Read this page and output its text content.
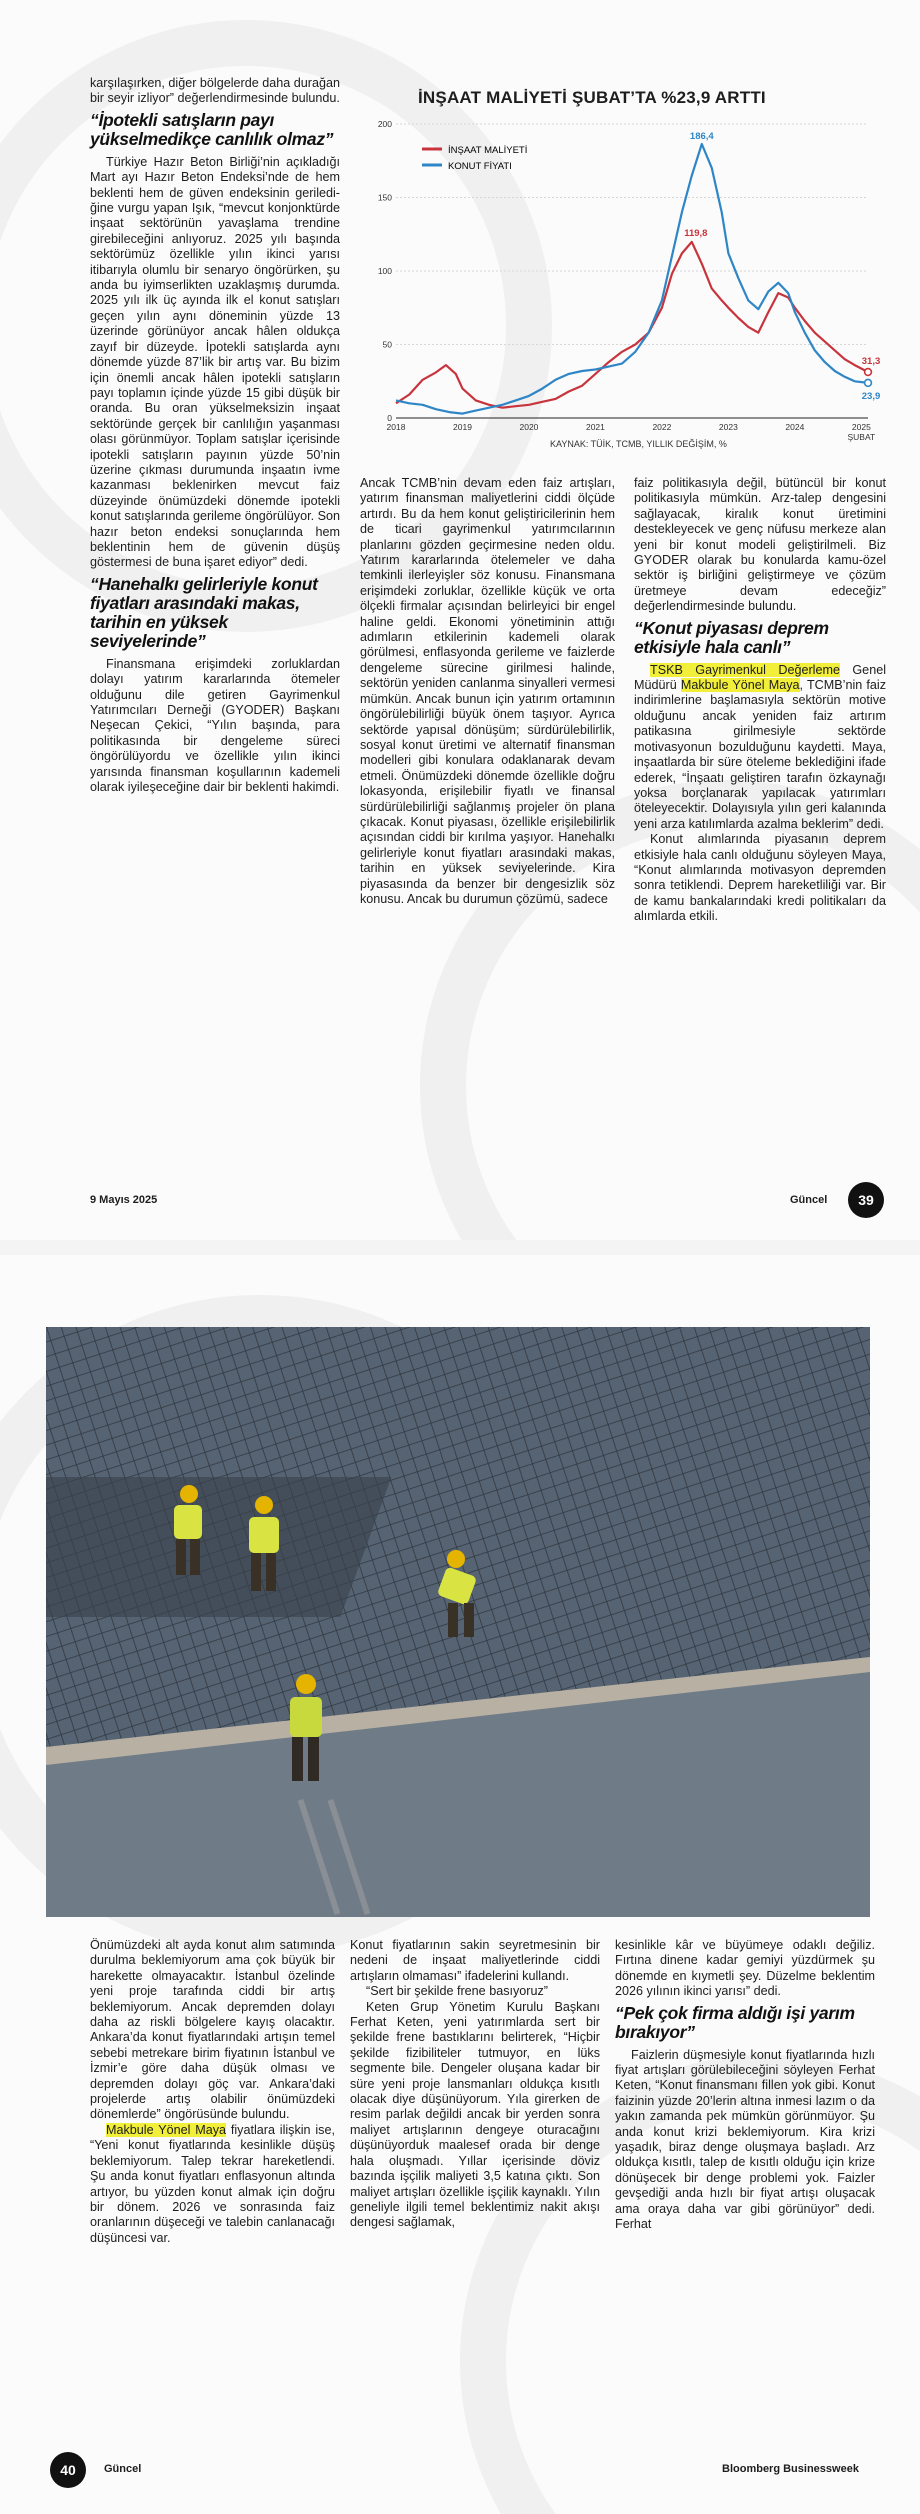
karşılaşırken, diğer bölgelerde daha durağan bir seyir izliyor” değerlendirmesinde bulundu.

“İpotekli satışların payı yükselmedikçe canlılık olmaz”

Türkiye Hazır Beton Birliği’nin açıkladığı Mart ayı Hazır Beton Endeksi’nde de hem beklenti hem de güven endeksinin geriledi-ğine vurgu yapan Işık, “mevcut konjonktürde inşaat sektörünün yavaşlama trendine girebileceğini anlıyoruz. 2025 yılı başında sektörümüz özellikle yılın ikinci yarısı itibarıyla olumlu bir senaryo öngörürken, şu anda bu iyimserlikten uzaklaşmış durumda. 2025 yılı ilk üç ayında ilk el konut satışları geçen yılın aynı döneminin yüzde 13 üzerinde görünüyor ancak hâlen oldukça zayıf bir düzeyde. İpotekli satışlarda aynı dönemde yüzde 87’lik bir artış var. Bu bizim için önemli ancak hâlen ipotekli satışların payı toplamın içinde yüzde 15 gibi düşük bir oranda. Bu oran yükselmeksizin inşaat sektöründe gerçek bir canlılığın yaşanması olası görünmüyor. Toplam satışlar içerisinde ipotekli satışların payının yüzde 50’nin üzerine çıkması durumunda inşaatın ivme kazanması beklenirken mevcut faiz düzeyinde önümüzdeki dönemde ipotekli konut satışlarında gerileme öngörülüyor. Son hazır beton endeksi sonuçlarında hem beklentinin hem de güvenin düşüş göstermesi de buna işaret ediyor” dedi.

“Hanehalkı gelirleriyle konut fiyatları arasındaki makas, tarihin en yüksek seviyelerinde”

Finansmana erişimdeki zorluklardan dolayı yatırım kararlarında ötemeler olduğunu dile getiren Gayrimenkul Yatırımcıları Derneği (GYODER) Başkanı Neşecan Çekici, “Yılın başında, para politikasında bir dengeleme süreci öngörülüyordu ve özellikle yılın ikinci yarısında finansman koşullarının kademeli olarak iyileşeceğine dair bir beklenti hakimdi.

İNŞAAT MALİYETİ ŞUBAT’TA %23,9 ARTTI
0
50
100
150
200
2018	2019	2020	2021	2022	2023	2024	2025
ŞUBAT
186,4
119,8
31,3
23,9
İNŞAAT MALİYETİ
KONUT FİYATI
KAYNAK: TÜİK, TCMB, YILLIK DEĞİŞİM, %

Ancak TCMB’nin devam eden faiz artışları, yatırım finansman maliyetlerini ciddi ölçüde artırdı. Bu da hem konut geliştiricilerinin hem de ticari gayrimenkul yatırımcılarının planlarını gözden geçirmesine neden oldu. Yatırım kararlarında ötelemeler ve daha temkinli ilerleyişler söz konusu. Finansmana erişimdeki zorluklar, özellikle küçük ve orta ölçekli firmalar açısından belirleyici bir engel haline geldi. Ekonomi yönetiminin attığı adımların etkilerinin kademeli olarak görülmesi, enflasyonda gerileme ve faizlerde dengeleme sürecine girilmesi halinde, sektörün yeniden canlanma sinyalleri vermesi mümkün. Ancak bunun için yatırım ortamının öngörülebilirliği büyük önem taşıyor. Ayrıca sektörde yapısal dönüşüm; sürdürülebilirlik, sosyal konut üretimi ve alternatif finansman modelleri gibi konulara odaklanarak devam etmeli. Önümüzdeki dönemde özellikle doğru lokasyonda, erişilebilir fiyatlı ve finansal sürdürülebilirliği sağlanmış projeler ön plana çıkacak. Konut piyasası, özellikle erişilebilirlik açısından ciddi bir kırılma yaşıyor. Hanehalkı gelirleriyle konut fiyatları arasındaki makas, tarihin en yüksek seviyelerinde. Kira piyasasında da benzer bir dengesizlik söz konusu. Ancak bu durumun çözümü, sadece

faiz politikasıyla değil, bütüncül bir konut politikasıyla mümkün. Arz-talep dengesini sağlayacak, kiralık konut üretimini destekleyecek ve genç nüfusu merkeze alan yeni bir konut modeli geliştirilmeli. Biz GYODER olarak bu konularda kamu-özel sektör iş birliğini geliştirmeye ve çözüm üretmeye devam edeceğiz” değerlendirmesinde bulundu.

“Konut piyasası deprem etkisiyle hala canlı”

TSKB Gayrimenkul Değerleme Genel Müdürü Makbule Yönel Maya, TCMB’nin faiz indirimlerine başlamasıyla sektörün motive olduğunu ancak yeniden faiz artırım patikasına girilmesiyle sektörde motivasyonun bozulduğunu kaydetti. Maya, inşaatlarda bir süre öteleme beklediğini ifade ederek, “İnşaatı geliştiren tarafın özkaynağı yoksa borçlanarak yapılacak yatırımları öteleyecektir. Dolayısıyla yılın geri kalanında yeni arza katılımlarda azalma beklerim” dedi.

Konut alımlarında piyasanın deprem etkisiyle hala canlı olduğunu söyleyen Maya, “Konut alımlarında motivasyon depremden sonra tetiklendi. Deprem hareketliliği var. Bir de kamu bankalarındaki kredi politikaları da alımlarda etkili.

9 Mayıs 2025	Güncel	39

Önümüzdeki alt ayda konut alım satımında durulma beklemiyorum ama çok büyük bir harekette olmayacaktır. İstanbul özelinde yeni proje tarafında ciddi bir artış beklemiyorum. Ancak depremden dolayı daha az riskli bölgelere kayış olacaktır. Ankara’da konut fiyatlarındaki artışın temel sebebi metrekare birim fiyatının İstanbul ve İzmir’e göre daha düşük olması ve depremden dolayı göç var. Ankara’daki projelerde artış olabilir önümüzdeki dönemlerde” öngörüsünde bulundu.

Makbule Yönel Maya fiyatlara ilişkin ise, “Yeni konut fiyatlarında kesinlikle düşüş beklemiyorum. Talep tekrar hareketlendi. Şu anda konut fiyatları enflasyonun altında artıyor, bu yüzden konut almak için doğru bir dönem. 2026 ve sonrasında faiz oranlarının düşeceği ve talebin canlanacağı düşüncesi var.

Konut fiyatlarının sakin seyretmesinin bir nedeni de inşaat maliyetlerinde ciddi artışların olmaması” ifadelerini kullandı.

“Sert bir şekilde frene basıyoruz”

Keten Grup Yönetim Kurulu Başkanı Ferhat Keten, yeni yatırımlarda sert bir şekilde frene bastıklarını belirterek, “Hiçbir şekilde fizibiliteler tutmuyor, en lüks segmente bile. Dengeler oluşana kadar bir süre yeni proje lansmanları oldukça kısıtlı olacak diye düşünüyorum. Yıla girerken de resim parlak değildi ancak bir yerden sonra maliyet artışlarının dengeye oturacağını düşünüyorduk maalesef orada bir denge hala oluşmadı. Yıllar içerisinde döviz bazında işçilik maliyeti 3,5 katına çıktı. Son maliyet artışları özellikle işçilik kaynaklı. Yılın geneliyle ilgili temel beklentimiz nakit akışı dengesi sağlamak,

kesinlikle kâr ve büyümeye odaklı değiliz. Fırtına dinene kadar gemiyi yüzdürmek şu dönemde en kıymetli şey. Düzelme beklentim 2026 yılının ikinci yarısı” dedi.

“Pek çok firma aldığı işi yarım bırakıyor”

Faizlerin düşmesiyle konut fiyatlarında hızlı fiyat artışları görülebileceğini söyleyen Ferhat Keten, “Konut finansmanı fillen yok gibi. Konut faizinin yüzde 20’lerin altına inmesi lazım o da yakın zamanda pek mümkün görünmüyor. Şu anda konut krizi beklemiyorum. Kira krizi yaşadık, biraz denge oluşmaya başladı. Arz oldukça kısıtlı, talep de kısıtlı olduğu için krize dönüşecek bir denge problemi yok. Faizler gevşediği anda hızlı bir fiyat artışı oluşacak ama oraya daha var gibi görünüyor” dedi. Ferhat

40	Güncel	Bloomberg Businessweek
